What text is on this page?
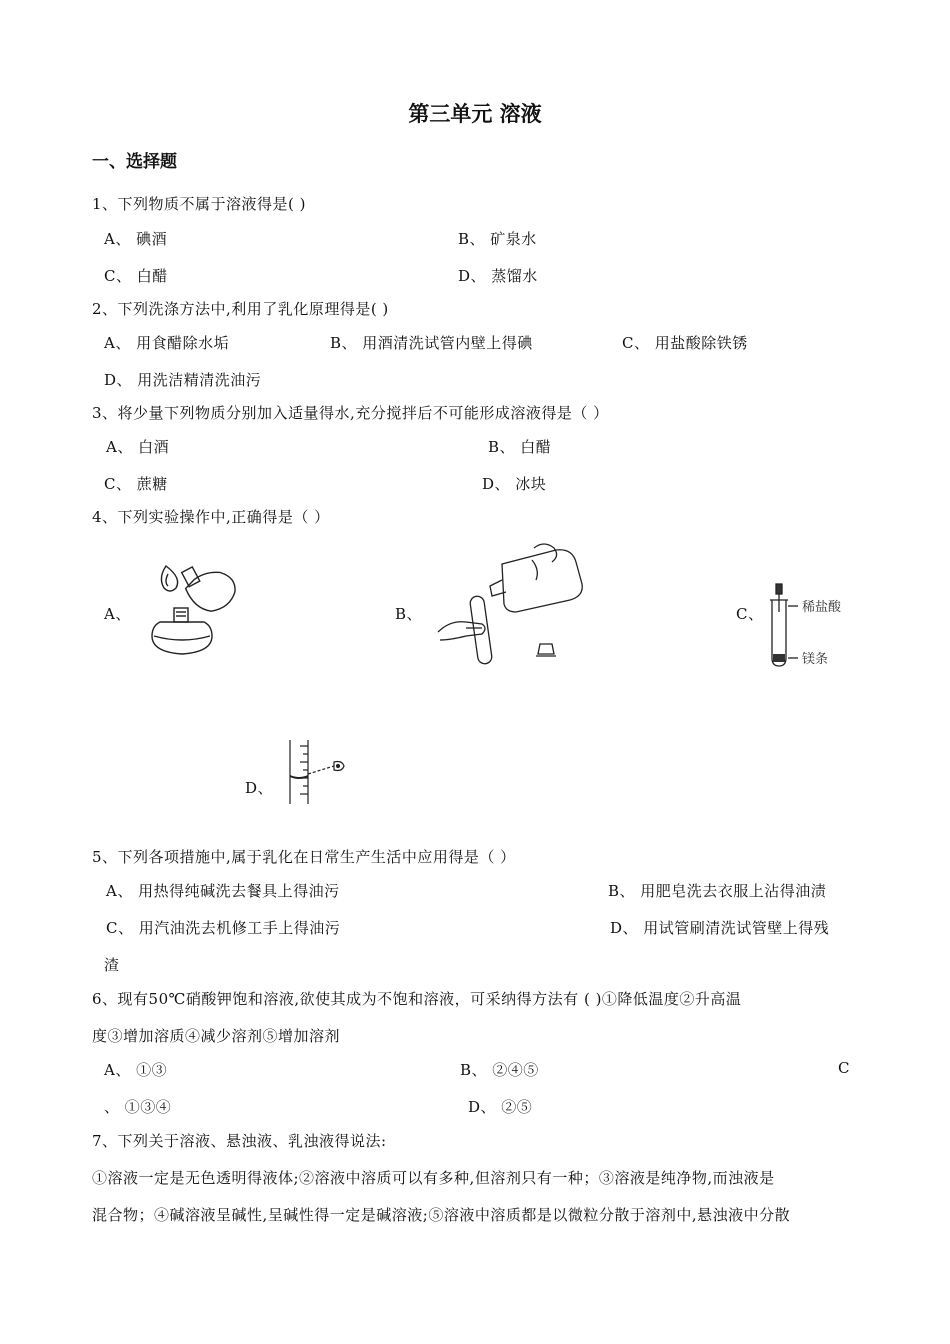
第三单元 溶液
一、选择题
1、下列物质不属于溶液得是( )
A、 碘酒	B、 矿泉水
C、 白醋	D、 蒸馏水
2、下列洗涤方法中,利用了乳化原理得是( )
A、 用食醋除水垢	B、 用酒清洗试管内壁上得碘	C、 用盐酸除铁锈
D、 用洗洁精清洗油污
3、将少量下列物质分别加入适量得水,充分搅拌后不可能形成溶液得是（ ）
A、 白酒	B、 白醋
C、 蔗糖	D、 冰块
4、下列实验操作中,正确得是（ ）
A、	B、	C、
D、
稀盐酸
镁条
5、下列各项措施中,属于乳化在日常生产生活中应用得是（ ）
A、 用热得纯碱洗去餐具上得油污	B、 用肥皂洗去衣服上沾得油渍
C、 用汽油洗去机修工手上得油污	D、 用试管刷清洗试管壁上得残
渣
6、现有50℃硝酸钾饱和溶液,欲使其成为不饱和溶液，可采纳得方法有 ( )①降低温度②升高温
度③增加溶质④减少溶剂⑤增加溶剂
A、 ①③	B、 ②④⑤	C
、 ①③④	D、 ②⑤
7、下列关于溶液、悬浊液、乳浊液得说法:
①溶液一定是无色透明得液体;②溶液中溶质可以有多种,但溶剂只有一种；③溶液是纯净物,而浊液是
混合物；④碱溶液呈碱性,呈碱性得一定是碱溶液;⑤溶液中溶质都是以微粒分散于溶剂中,悬浊液中分散
